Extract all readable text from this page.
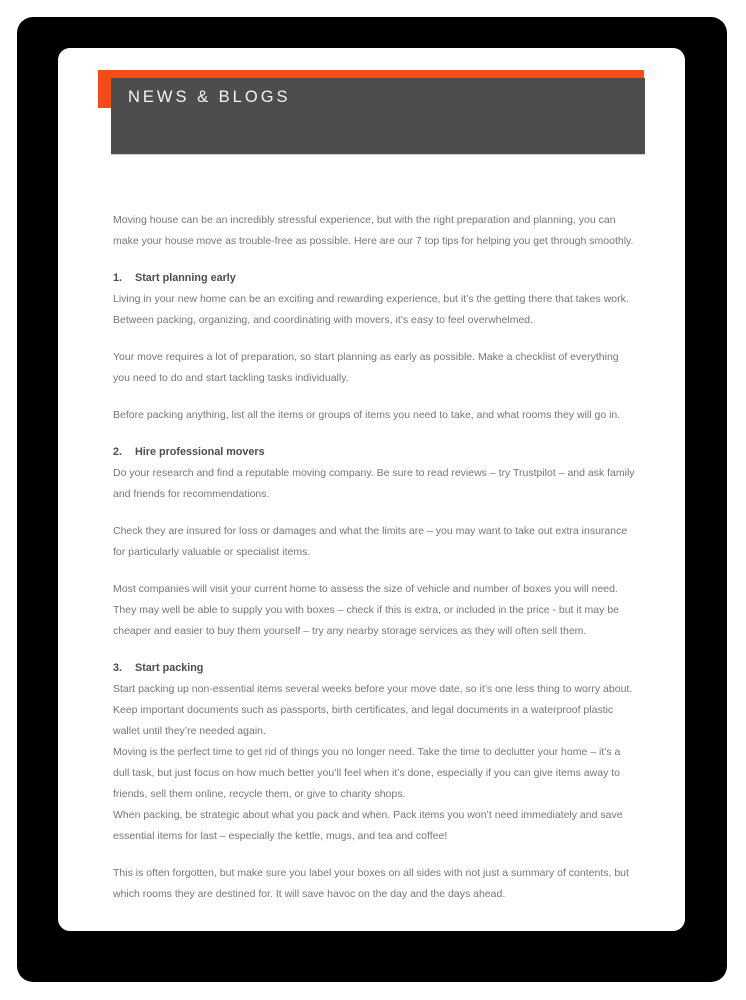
NEWS & BLOGS

Moving house can be an incredibly stressful experience, but with the right preparation and planning, you can make your house move as trouble-free as possible. Here are our 7 top tips for helping you get through smoothly.

1.	Start planning early

Living in your new home can be an exciting and rewarding experience, but it’s the getting there that takes work. Between packing, organizing, and coordinating with movers, it’s easy to feel overwhelmed.

Your move requires a lot of preparation, so start planning as early as possible. Make a checklist of everything you need to do and start tackling tasks individually.

Before packing anything, list all the items or groups of items you need to take, and what rooms they will go in.

2.	Hire professional movers

Do your research and find a reputable moving company. Be sure to read reviews – try Trustpilot – and ask family and friends for recommendations.

Check they are insured for loss or damages and what the limits are – you may want to take out extra insurance for particularly valuable or specialist items.

Most companies will visit your current home to assess the size of vehicle and number of boxes you will need. They may well be able to supply you with boxes – check if this is extra, or included in the price - but it may be cheaper and easier to buy them yourself – try any nearby storage services as they will often sell them.

3.	Start packing

Start packing up non-essential items several weeks before your move date, so it’s one less thing to worry about. Keep important documents such as passports, birth certificates, and legal documents in a waterproof plastic wallet until they’re needed again.

Moving is the perfect time to get rid of things you no longer need. Take the time to declutter your home – it’s a dull task, but just focus on how much better you’ll feel when it’s done, especially if you can give items away to friends, sell them online, recycle them, or give to charity shops.

When packing, be strategic about what you pack and when. Pack items you won’t need immediately and save essential items for last – especially the kettle, mugs, and tea and coffee!

This is often forgotten, but make sure you label your boxes on all sides with not just a summary of contents, but which rooms they are destined for. It will save havoc on the day and the days ahead.
